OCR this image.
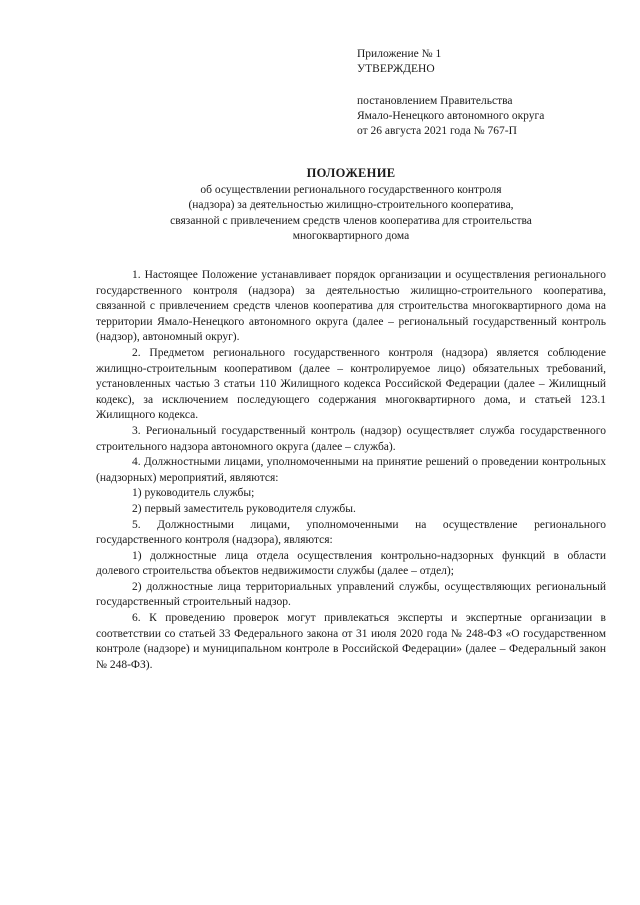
Приложение № 1
УТВЕРЖДЕНО
постановлением Правительства
Ямало-Ненецкого автономного округа
от 26 августа 2021 года № 767-П
ПОЛОЖЕНИЕ
об осуществлении регионального государственного контроля
(надзора) за деятельностью жилищно-строительного кооператива,
связанной с привлечением средств членов кооператива для строительства
многоквартирного дома

1. Настоящее Положение устанавливает порядок организации и осуществления регионального государственного контроля (надзора) за деятельностью жилищно-строительного кооператива, связанной с привлечением средств членов кооператива для строительства многоквартирного дома на территории Ямало-Ненецкого автономного округа (далее – региональный государственный контроль (надзор), автономный округ).

2. Предметом регионального государственного контроля (надзора) является соблюдение жилищно-строительным кооперативом (далее – контролируемое лицо) обязательных требований, установленных частью 3 статьи 110 Жилищного кодекса Российской Федерации (далее – Жилищный кодекс), за исключением последующего содержания многоквартирного дома, и статьей 123.1 Жилищного кодекса.

3. Региональный государственный контроль (надзор) осуществляет служба государственного строительного надзора автономного округа (далее – служба).

4. Должностными лицами, уполномоченными на принятие решений о проведении контрольных (надзорных) мероприятий, являются:

1) руководитель службы;

2) первый заместитель руководителя службы.

5. Должностными лицами, уполномоченными на осуществление регионального государственного контроля (надзора), являются:

1) должностные лица отдела осуществления контрольно-надзорных функций в области долевого строительства объектов недвижимости службы (далее – отдел);

2) должностные лица территориальных управлений службы, осуществляющих региональный государственный строительный надзор.

6. К проведению проверок могут привлекаться эксперты и экспертные организации в соответствии со статьей 33 Федерального закона от 31 июля 2020 года № 248-ФЗ «О государственном контроле (надзоре) и муниципальном контроле в Российской Федерации» (далее – Федеральный закон № 248-ФЗ).
